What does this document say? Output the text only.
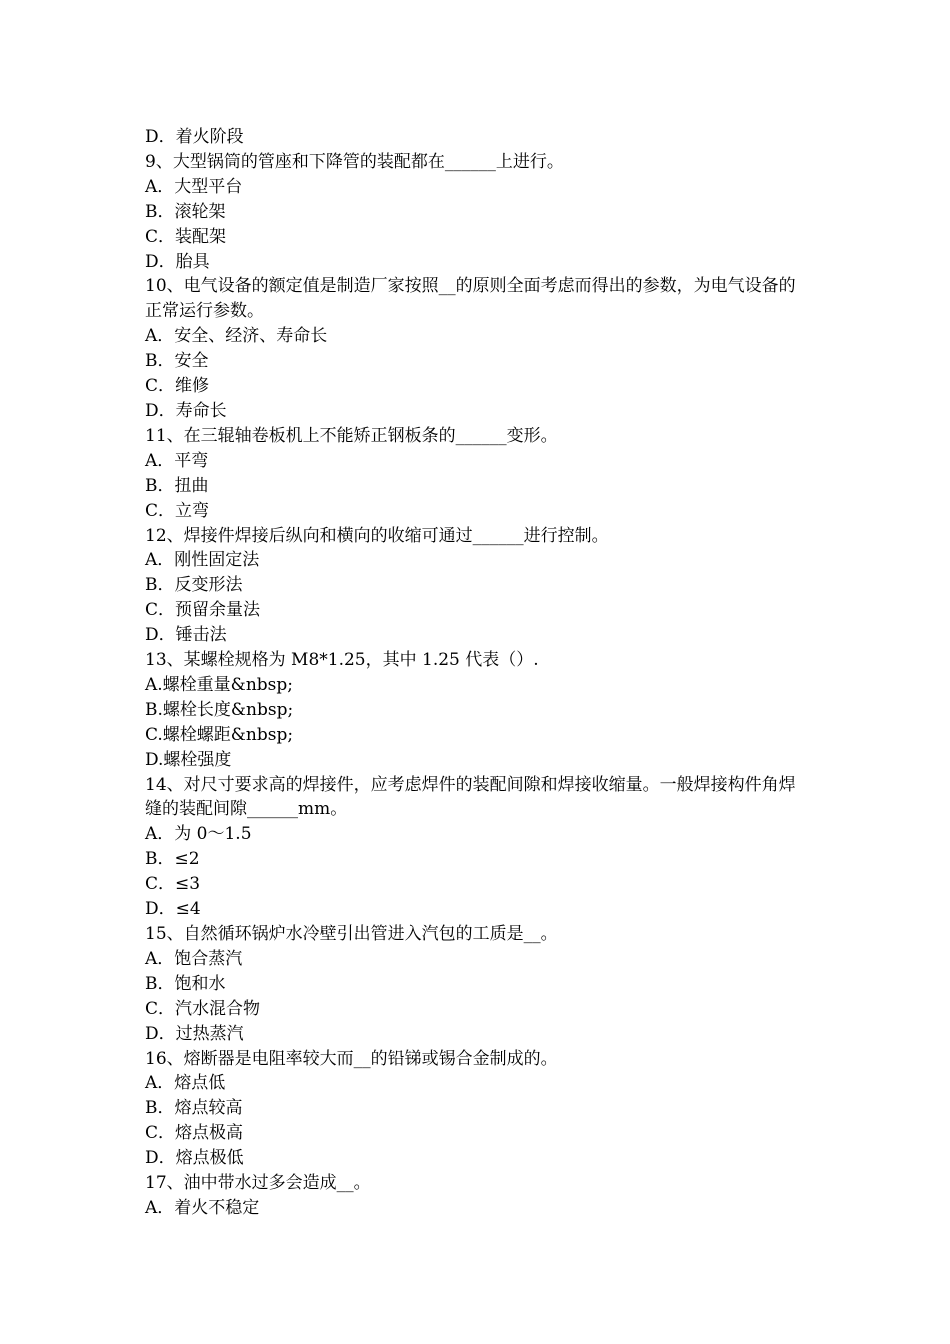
D．着火阶段

9、大型锅筒的管座和下降管的装配都在______上进行。

A．大型平台

B．滚轮架

C．装配架

D．胎具

10、电气设备的额定值是制造厂家按照__的原则全面考虑而得出的参数，为电气设备的正常运行参数。

A．安全、经济、寿命长

B．安全

C．维修

D．寿命长

11、在三辊轴卷板机上不能矫正钢板条的______变形。

A．平弯

B．扭曲

C．立弯

12、焊接件焊接后纵向和横向的收缩可通过______进行控制。

A．刚性固定法

B．反变形法

C．预留余量法

D．锤击法

13、某螺栓规格为 M8*1.25，其中 1.25 代表（）.

A.螺栓重量&nbsp;

B.螺栓长度&nbsp;

C.螺栓螺距&nbsp;

D.螺栓强度

14、对尺寸要求高的焊接件，应考虑焊件的装配间隙和焊接收缩量。一般焊接构件角焊缝的装配间隙______mm。

A．为 0～1.5

B．≤2

C．≤3

D．≤4

15、自然循环锅炉水冷壁引出管进入汽包的工质是__。

A．饱合蒸汽

B．饱和水

C．汽水混合物

D．过热蒸汽

16、熔断器是电阻率较大而__的铅锑或锡合金制成的。

A．熔点低

B．熔点较高

C．熔点极高

D．熔点极低

17、油中带水过多会造成__。

A．着火不稳定
